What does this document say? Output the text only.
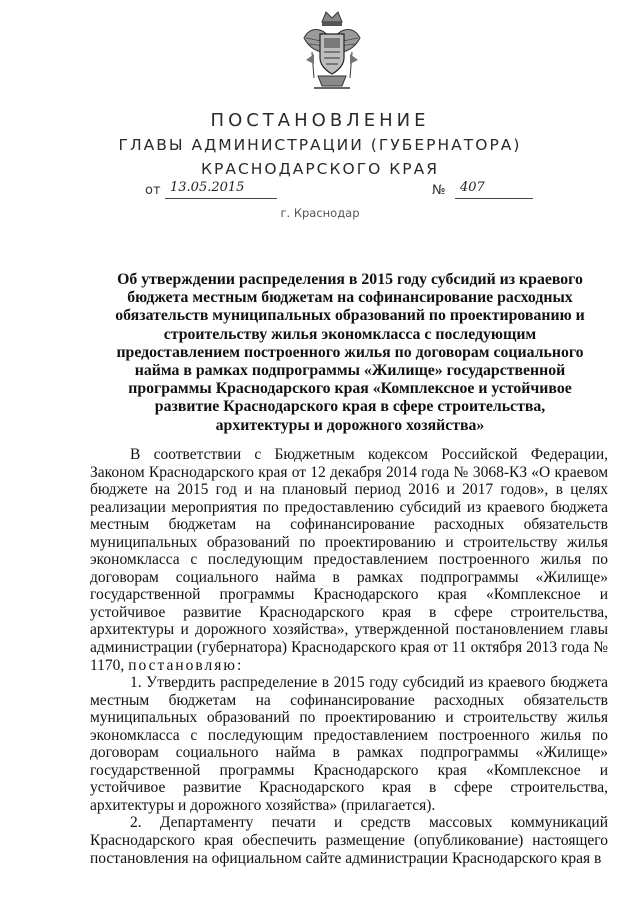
ПОСТАНОВЛЕНИЕ
ГЛАВЫ АДМИНИСТРАЦИИ (ГУБЕРНАТОРА)
КРАСНОДАРСКОГО КРАЯ
от 13.05.2015	№ 407
г. Краснодар
Об утверждении распределения в 2015 году субсидий из краевого бюджета местным бюджетам на софинансирование расходных обязательств муниципальных образований по проектированию и строительству жилья экономкласса с последующим предоставлением построенного жилья по договорам социального найма в рамках подпрограммы «Жилище» государственной программы Краснодарского края «Комплексное и устойчивое развитие Краснодарского края в сфере строительства, архитектуры и дорожного хозяйства»

В соответствии с Бюджетным кодексом Российской Федерации, Законом Краснодарского края от 12 декабря 2014 года № 3068-КЗ «О краевом бюджете на 2015 год и на плановый период 2016 и 2017 годов», в целях реализации мероприятия по предоставлению субсидий из краевого бюджета местным бюджетам на софинансирование расходных обязательств муниципальных образований по проектированию и строительству жилья экономкласса с последующим предоставлением построенного жилья по договорам социального найма в рамках подпрограммы «Жилище» государственной программы Краснодарского края «Комплексное и устойчивое развитие Краснодарского края в сфере строительства, архитектуры и дорожного хозяйства», утвержденной постановлением главы администрации (губернатора) Краснодарского края от 11 октября 2013 года № 1170, постановляю:

1. Утвердить распределение в 2015 году субсидий из краевого бюджета местным бюджетам на софинансирование расходных обязательств муниципальных образований по проектированию и строительству жилья экономкласса с последующим предоставлением построенного жилья по договорам социального найма в рамках подпрограммы «Жилище» государственной программы Краснодарского края «Комплексное и устойчивое развитие Краснодарского края в сфере строительства, архитектуры и дорожного хозяйства» (прилагается).

2. Департаменту печати и средств массовых коммуникаций Краснодарского края обеспечить размещение (опубликование) настоящего постановления на официальном сайте администрации Краснодарского края в
